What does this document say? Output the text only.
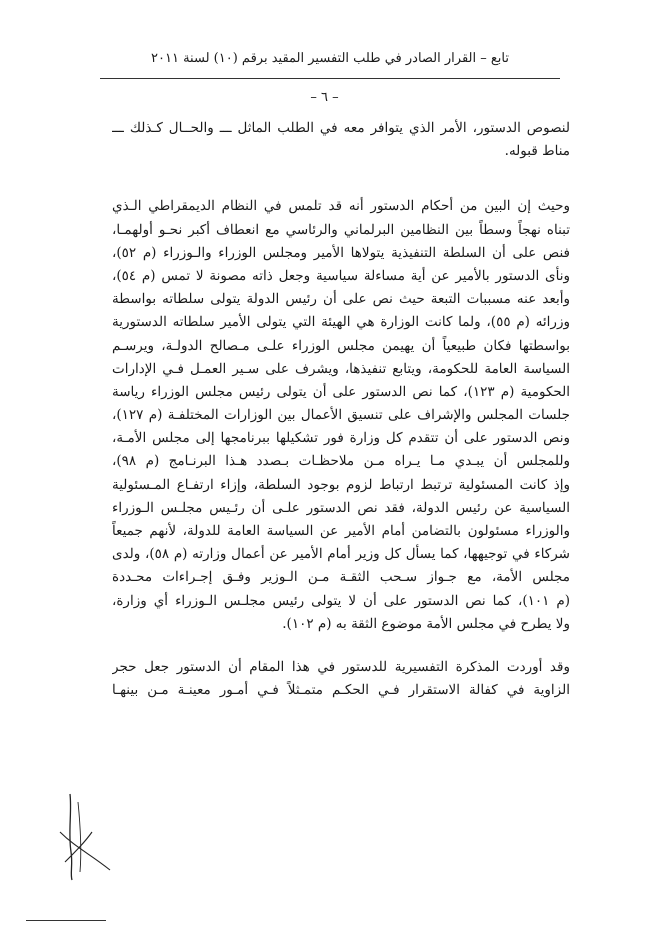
تابع – القرار الصادر في طلب التفسير المقيد برقم (١٠) لسنة ٢٠١١
– ٦ –
لنصوص الدستور، الأمر الذي يتوافر معه في الطلب الماثل ـــ والحــال كـذلك ـــ
مناط قبوله.
وحيث إن البين من أحكام الدستور أنه قد تلمس في النظام الديمقراطي الـذي
تبناه نهجاً وسطاً بين النظامين البرلماني والرئاسي مع انعطاف أكبر نحـو أولهمـا،
فنص على أن السلطة التنفيذية يتولاها الأمير ومجلس الوزراء والـوزراء (م ٥٢)،
ونأى الدستور بالأمير عن أية مساءلة سياسية وجعل ذاته مصونة لا تمس (م ٥٤)،
وأبعد عنه مسببات التبعة حيث نص على أن رئيس الدولة يتولى سلطاته بواسطة
وزرائه (م ٥٥)، ولما كانت الوزارة هي الهيئة التي يتولى الأمير سلطاته الدستورية
بواسطتها فكان طبيعياً أن يهيمن مجلس الوزراء علـى مـصالح الدولـة، ويرسـم
السياسة العامة للحكومة، ويتابع تنفيذها، ويشرف على سـير العمـل فـي الإدارات
الحكومية (م ١٢٣)، كما نص الدستور على أن يتولى رئيس مجلس الوزراء رياسة
جلسات المجلس والإشراف على تنسيق الأعمال بين الوزارات المختلفـة (م ١٢٧)،
ونص الدستور على أن تتقدم كل وزارة فور تشكيلها ببرنامجها إلى مجلس الأمـة،
وللمجلس أن يبـدي مـا يـراه مـن ملاحظـات بـصدد هـذا البرنـامج (م ٩٨)،
وإذ كانت المسئولية ترتبط ارتباط لزوم بوجود السلطة، وإزاء ارتفـاع المـسئولية
السياسية عن رئيس الدولة، فقد نص الدستور علـى أن رئـيس مجلـس الـوزراء
والوزراء مسئولون بالتضامن أمام الأمير عن السياسة العامة للدولة، لأنهم جميعاً
شركاء في توجيهها، كما يسأل كل وزير أمام الأمير عن أعمال وزارته (م ٥٨)، ولدى
مجلس الأمة، مع جـواز سـحب الثقـة مـن الـوزير وفـق إجـراءات محـددة
(م ١٠١)، كما نص الدستور على أن لا يتولى رئيس مجلـس الـوزراء أي وزارة،
ولا يطرح في مجلس الأمة موضوع الثقة به (م ١٠٢).
وقد أوردت المذكرة التفسيرية للدستور في هذا المقام أن الدستور جعل حجر
الزاوية في كفالة الاستقرار فـي الحكـم متمـثلاً فـي أمـور معينـة مـن بينهـا
